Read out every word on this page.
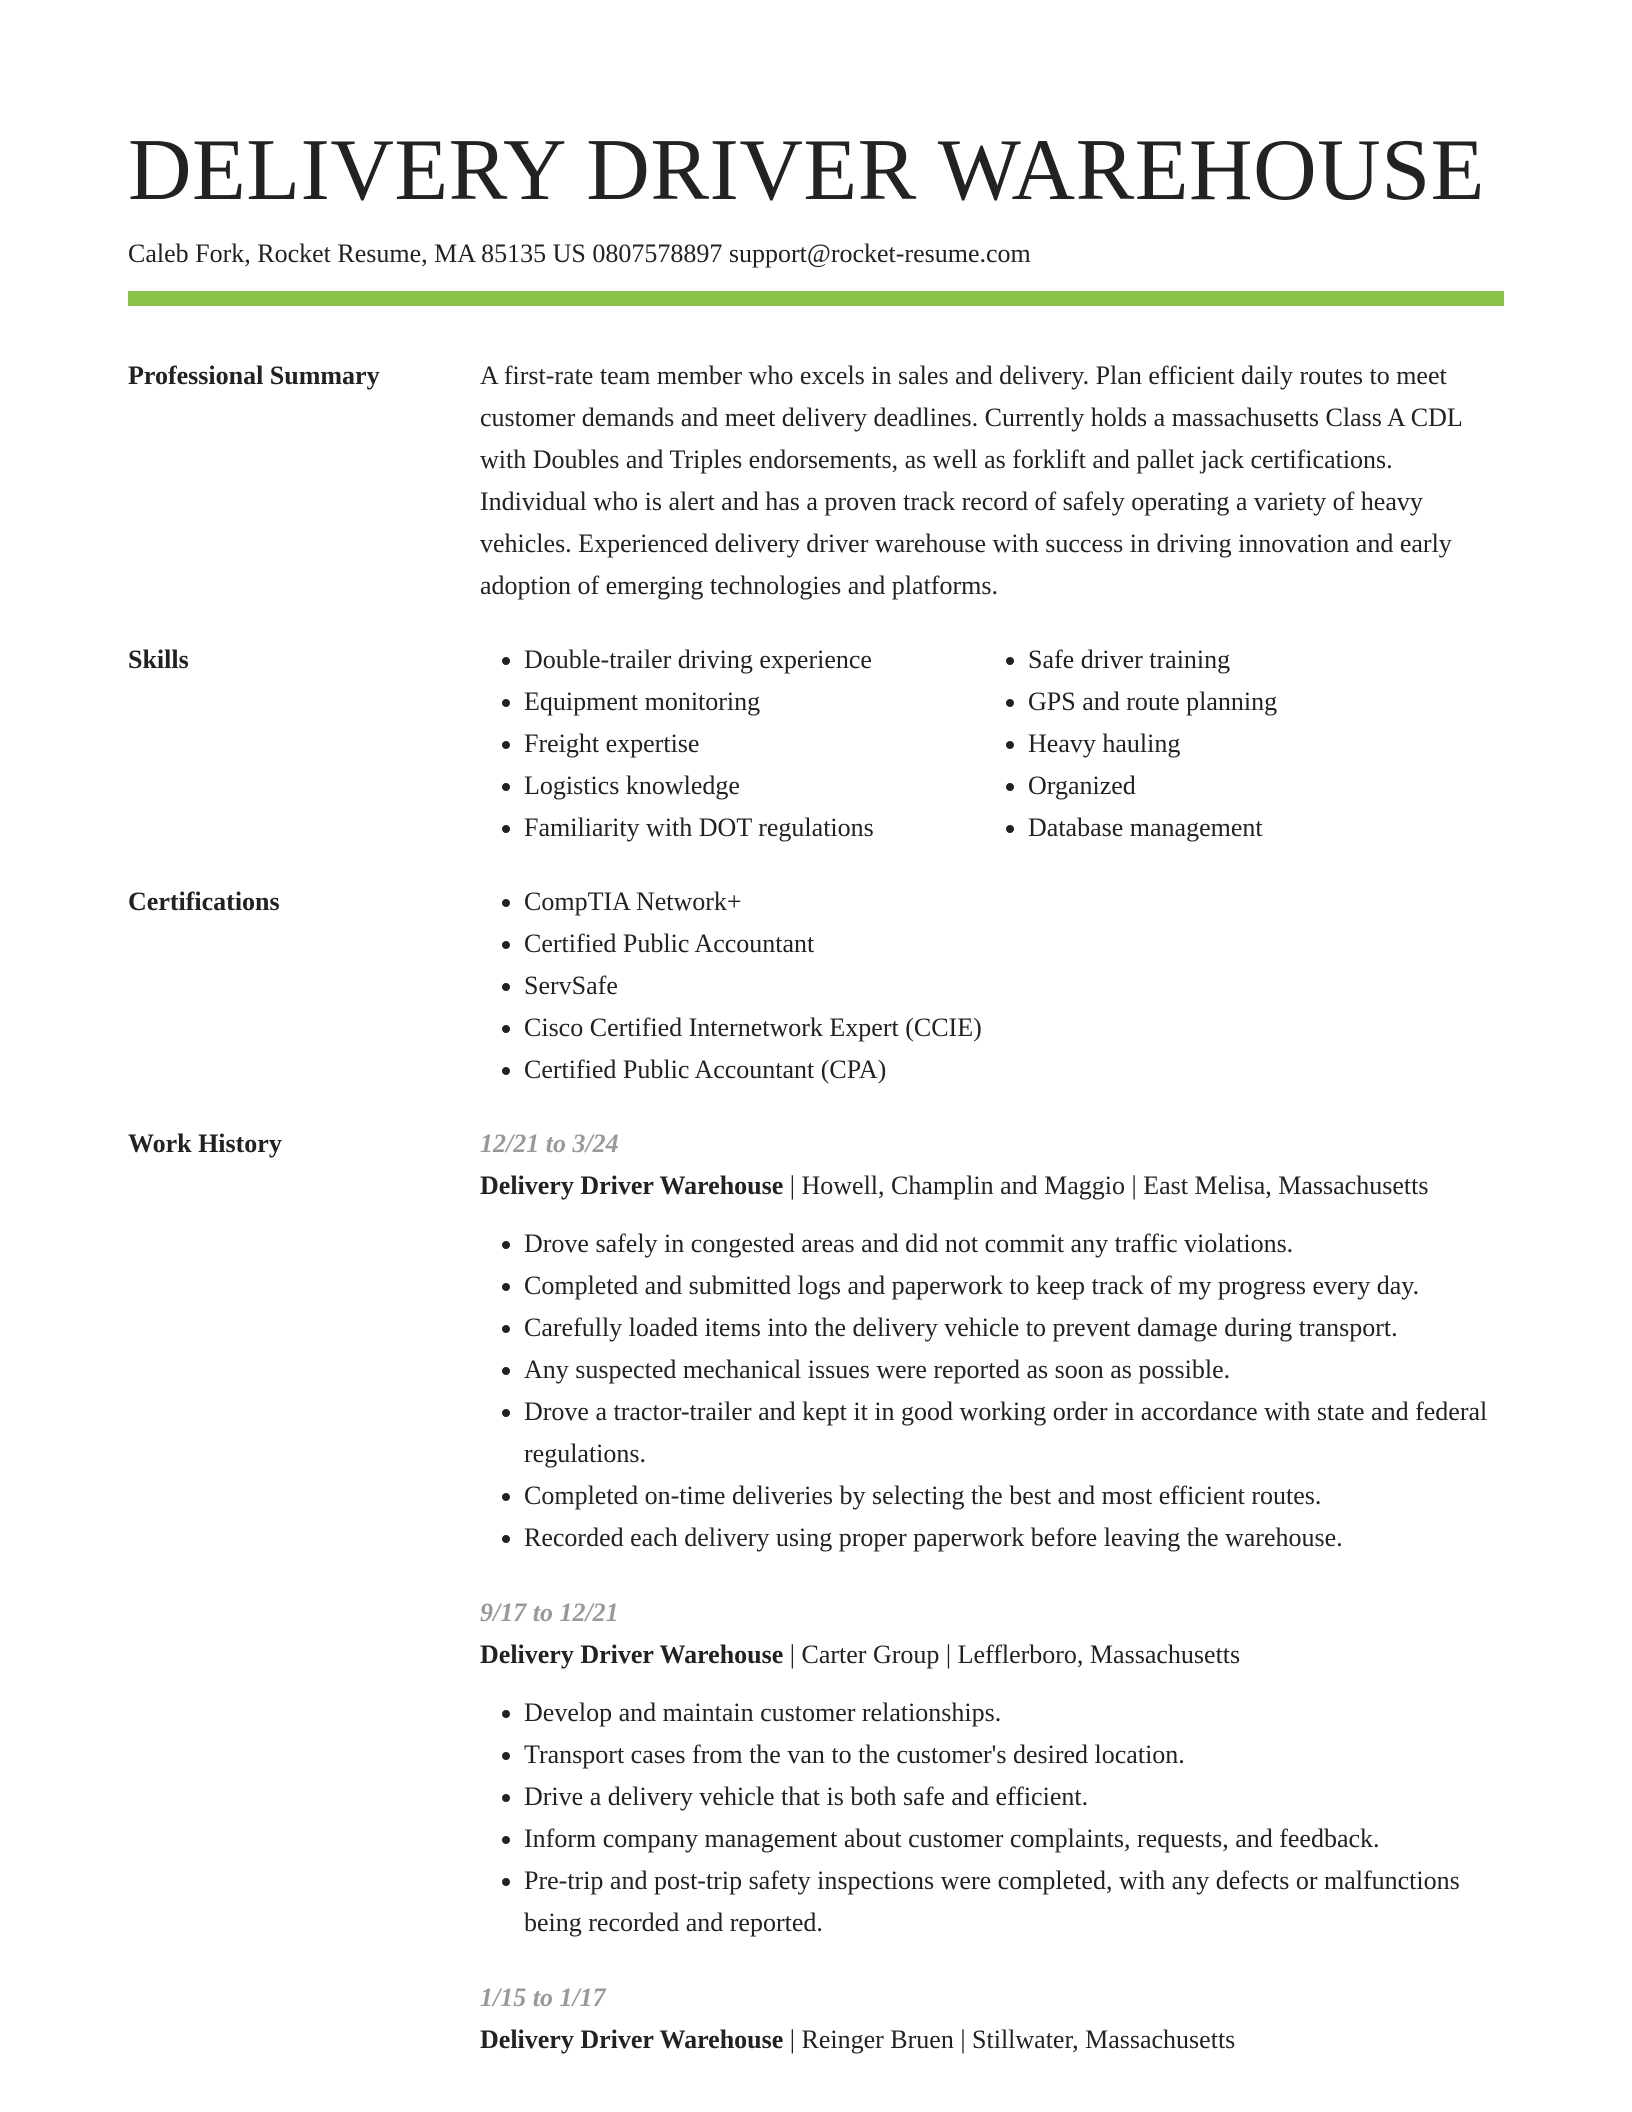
DELIVERY DRIVER WAREHOUSE
Caleb Fork, Rocket Resume, MA 85135 US 0807578897 support@rocket-resume.com
Professional Summary	A first-rate team member who excels in sales and delivery. Plan efficient daily routes to meet customer demands and meet delivery deadlines. Currently holds a massachusetts Class A CDL with Doubles and Triples endorsements, as well as forklift and pallet jack certifications. Individual who is alert and has a proven track record of safely operating a variety of heavy vehicles. Experienced delivery driver warehouse with success in driving innovation and early adoption of emerging technologies and platforms.

Skills	• Double-trailer driving experience
• Equipment monitoring
• Freight expertise
• Logistics knowledge
• Familiarity with DOT regulations
• Safe driver training
• GPS and route planning
• Heavy hauling
• Organized
• Database management
Certifications	• CompTIA Network+
• Certified Public Accountant
• ServSafe
• Cisco Certified Internetwork Expert (CCIE)
• Certified Public Accountant (CPA)
Work History	12/21 to 3/24

Delivery Driver Warehouse | Howell, Champlin and Maggio | East Melisa, Massachusetts

• Drove safely in congested areas and did not commit any traffic violations.
• Completed and submitted logs and paperwork to keep track of my progress every day.
• Carefully loaded items into the delivery vehicle to prevent damage during transport.
• Any suspected mechanical issues were reported as soon as possible.
• Drove a tractor-trailer and kept it in good working order in accordance with state and federal regulations.
• Completed on-time deliveries by selecting the best and most efficient routes.
• Recorded each delivery using proper paperwork before leaving the warehouse.
9/17 to 12/21

Delivery Driver Warehouse | Carter Group | Lefflerboro, Massachusetts

• Develop and maintain customer relationships.
• Transport cases from the van to the customer's desired location.
• Drive a delivery vehicle that is both safe and efficient.
• Inform company management about customer complaints, requests, and feedback.
• Pre-trip and post-trip safety inspections were completed, with any defects or malfunctions being recorded and reported.
1/15 to 1/17

Delivery Driver Warehouse | Reinger Bruen | Stillwater, Massachusetts
